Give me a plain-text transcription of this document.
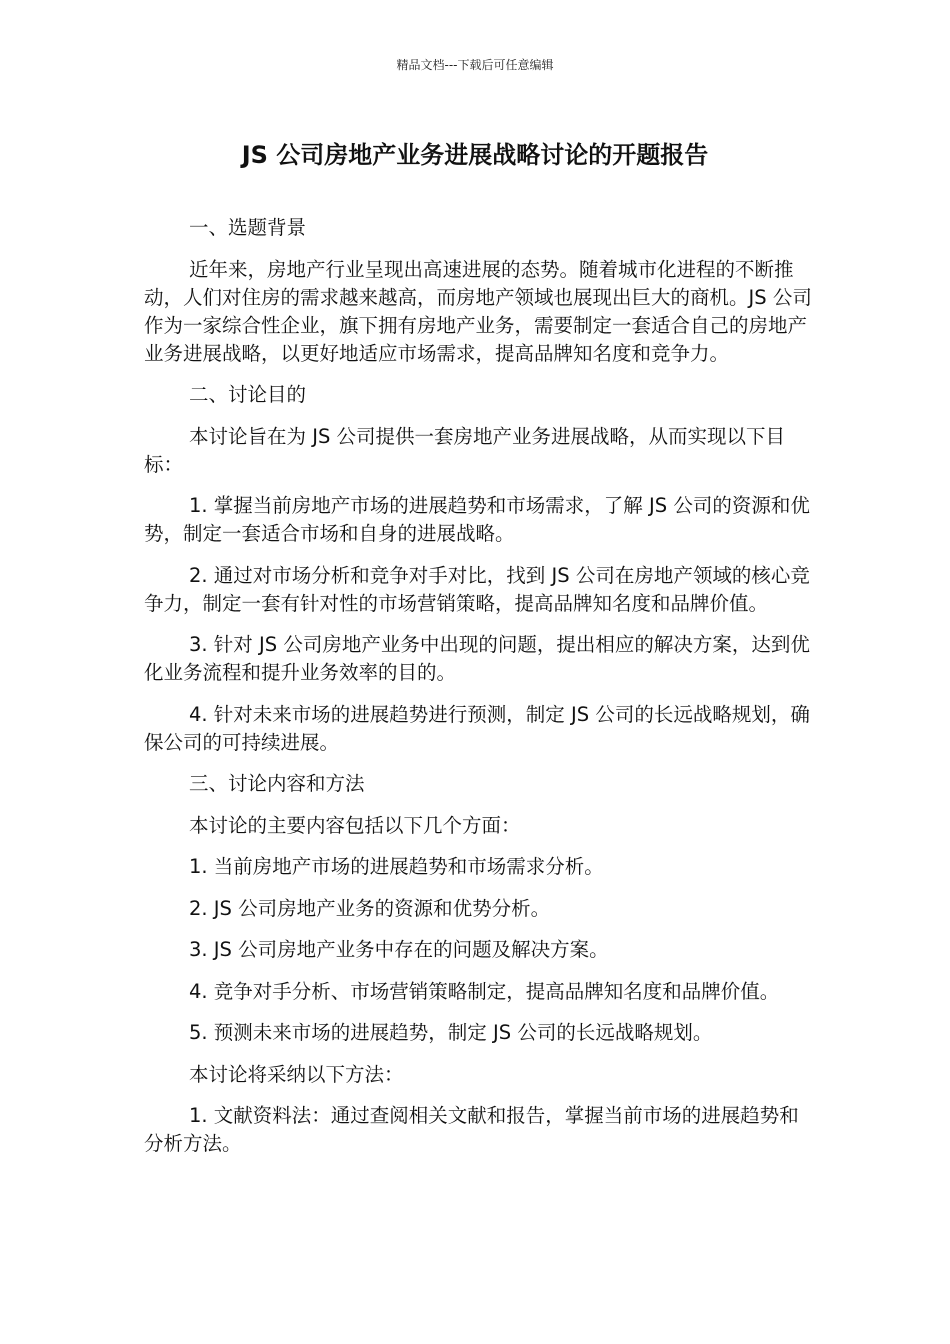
精品文档---下载后可任意编辑
JS 公司房地产业务进展战略讨论的开题报告

一、选题背景

近年来，房地产行业呈现出高速进展的态势。随着城市化进程的不断推动，人们对住房的需求越来越高，而房地产领域也展现出巨大的商机。JS 公司作为一家综合性企业，旗下拥有房地产业务，需要制定一套适合自己的房地产业务进展战略，以更好地适应市场需求，提高品牌知名度和竞争力。

二、讨论目的

本讨论旨在为 JS 公司提供一套房地产业务进展战略，从而实现以下目标：

1. 掌握当前房地产市场的进展趋势和市场需求，了解 JS 公司的资源和优势，制定一套适合市场和自身的进展战略。

2. 通过对市场分析和竞争对手对比，找到 JS 公司在房地产领域的核心竞争力，制定一套有针对性的市场营销策略，提高品牌知名度和品牌价值。

3. 针对 JS 公司房地产业务中出现的问题，提出相应的解决方案，达到优化业务流程和提升业务效率的目的。

4. 针对未来市场的进展趋势进行预测，制定 JS 公司的长远战略规划，确保公司的可持续进展。

三、讨论内容和方法

本讨论的主要内容包括以下几个方面：

1. 当前房地产市场的进展趋势和市场需求分析。

2. JS 公司房地产业务的资源和优势分析。

3. JS 公司房地产业务中存在的问题及解决方案。

4. 竞争对手分析、市场营销策略制定，提高品牌知名度和品牌价值。

5. 预测未来市场的进展趋势，制定 JS 公司的长远战略规划。

本讨论将采纳以下方法：

1. 文献资料法：通过查阅相关文献和报告，掌握当前市场的进展趋势和分析方法。
